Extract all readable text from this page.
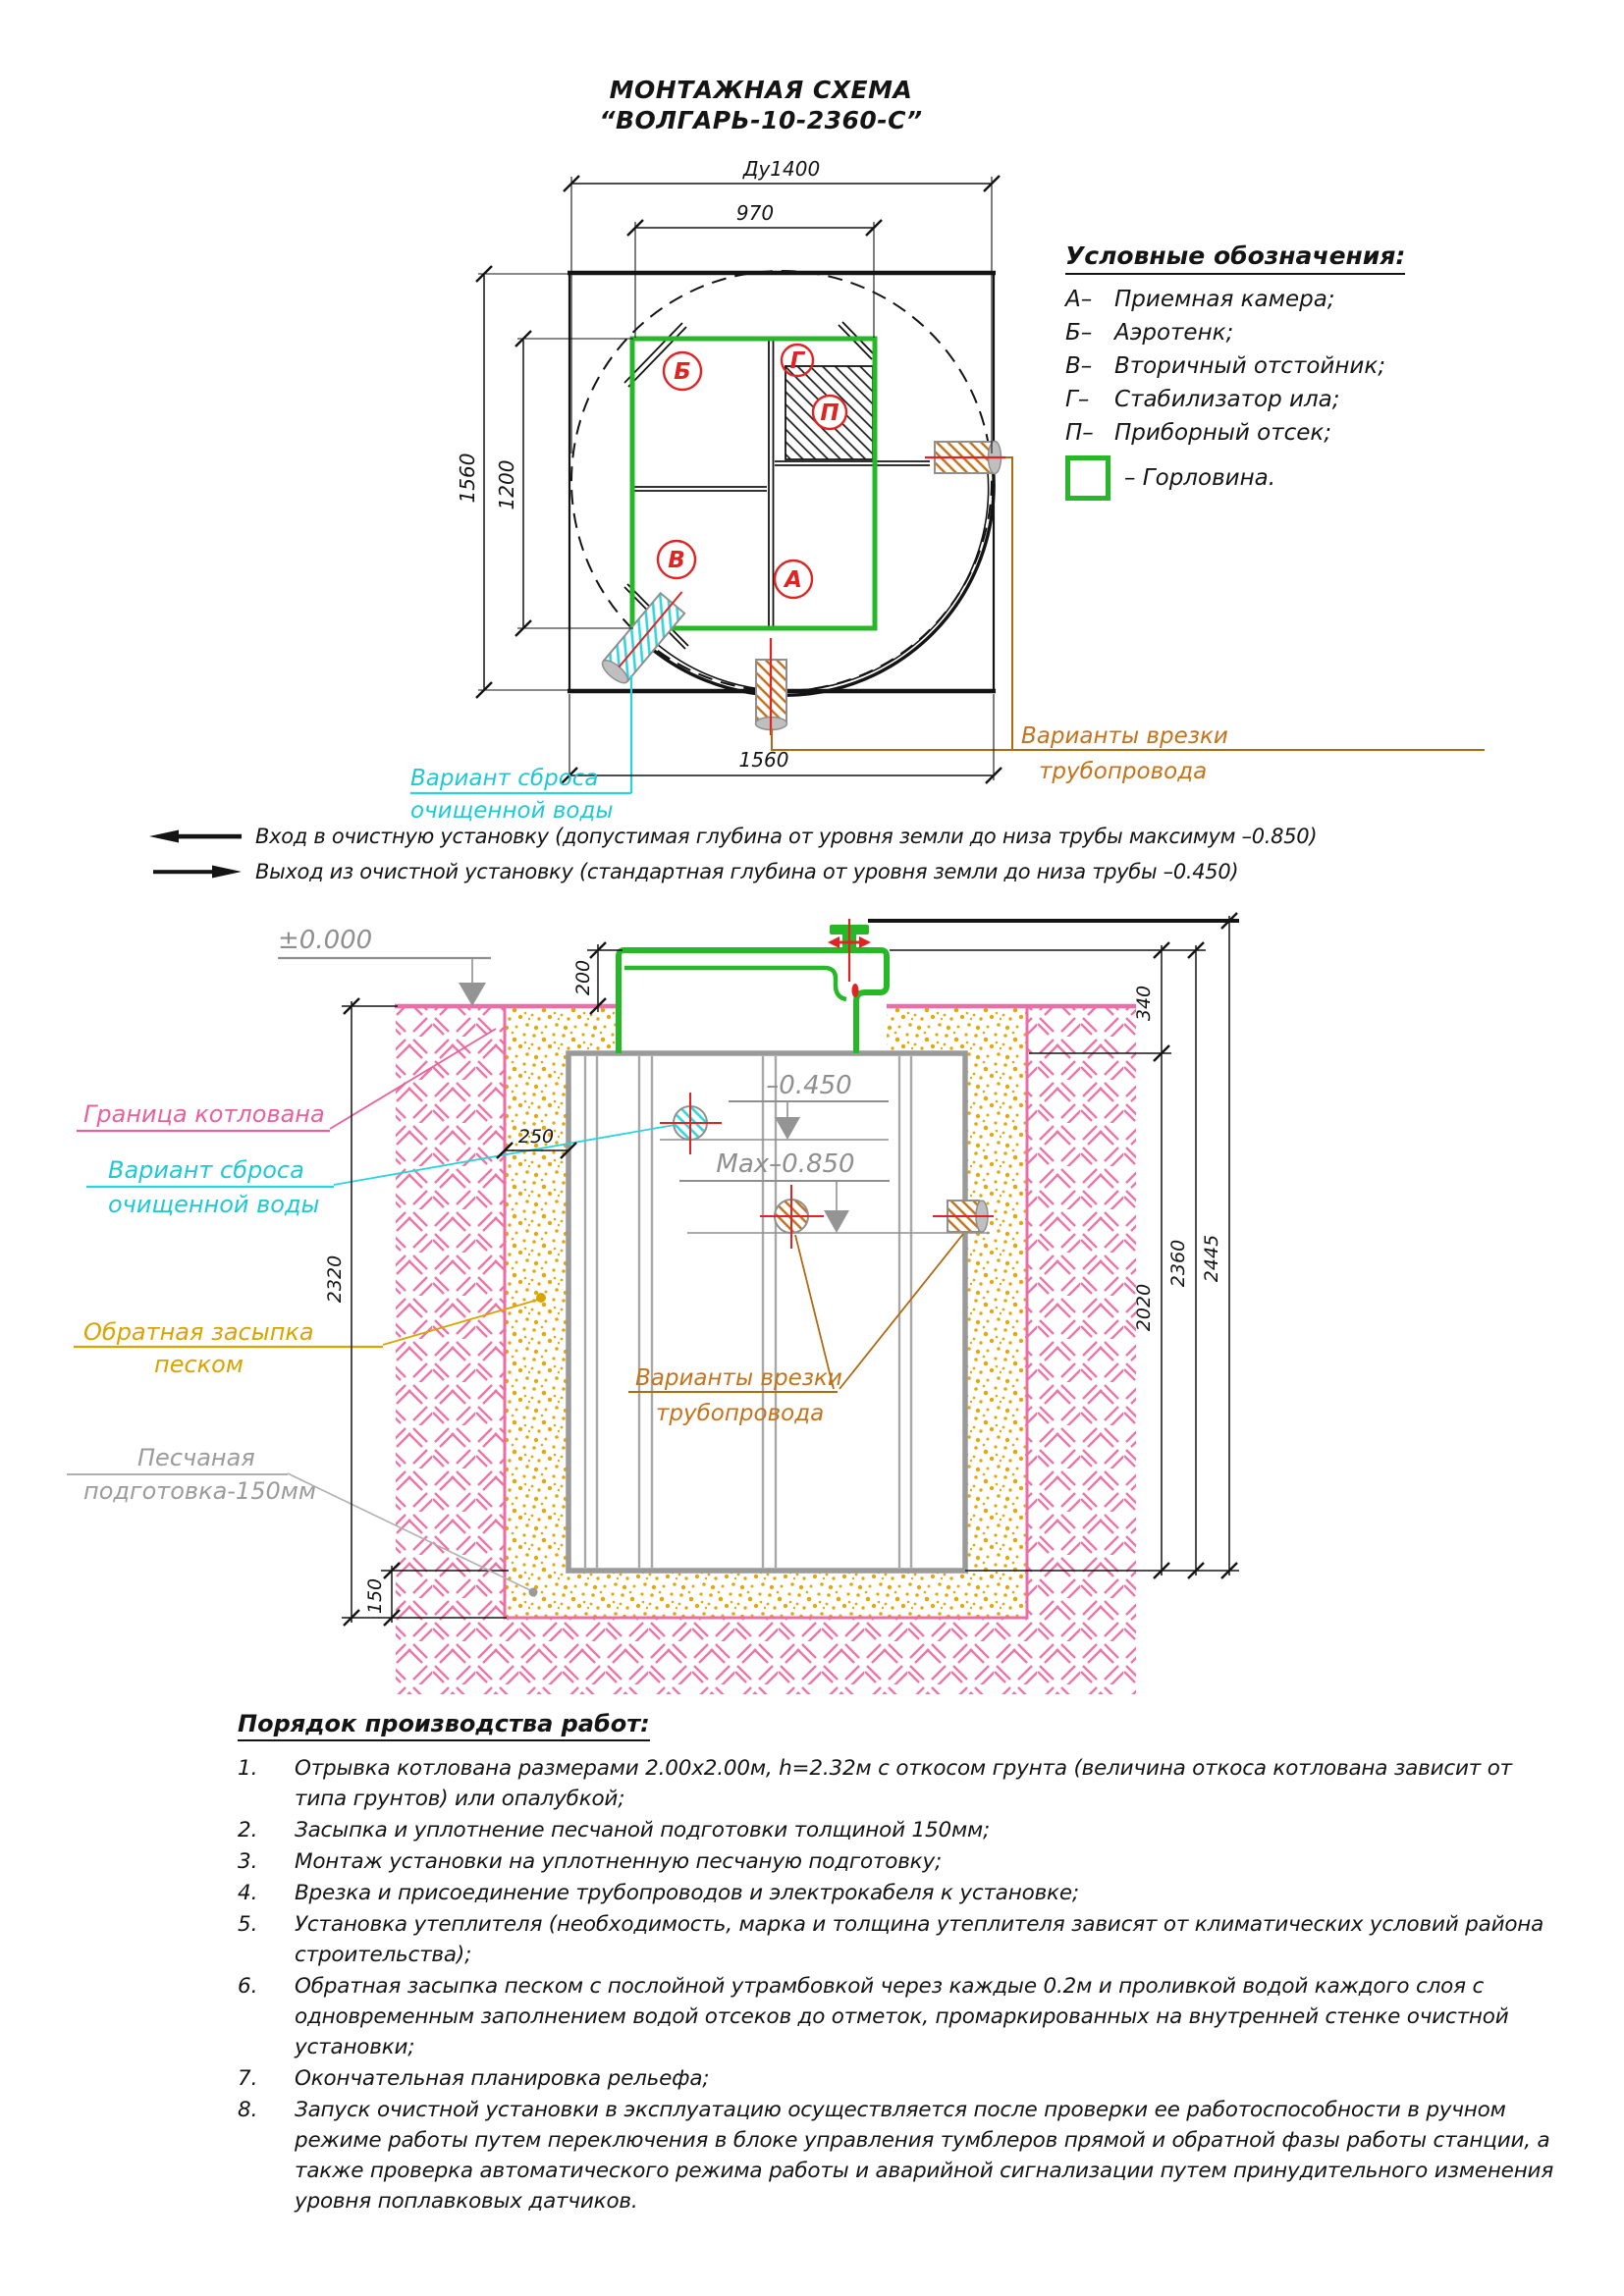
Б	Г
П
В
А
Ду1400
970
1560 1200
1560
Вариант сброса
очищенной воды
Варианты врезки
трубопровода
±0.000
–0.450
Max–0.850
Граница котлована
Вариант сброса
очищенной воды
Обратная засыпка
песком
Песчаная
подготовка-150мм
Варианты врезки
трубопровода
200
250
2320
150
340
2020
2360 2445
МОНТАЖНАЯ СХЕМА
“ВОЛГАРЬ-10-2360-С”
Условные обозначения:
А– Приемная камера;
Б– Аэротенк;
В– Вторичный отстойник;
Г–	Стабилизатор ила;
П– Приборный отсек;
– Горловина.
Вход в очистную установку (допустимая глубина от уровня земли до низа трубы максимум –0.850)
Выход из очистной установку (стандартная глубина от уровня земли до низа трубы –0.450)
Порядок производства работ:
1.	Отрывка котлована размерами 2.00х2.00м, h=2.32м с откосом грунта (величина откоса котлована зависит от типа грунтов) или опалубкой;
2.	Засыпка и уплотнение песчаной подготовки толщиной 150мм;
3.	Монтаж установки на уплотненную песчаную подготовку;
4.	Врезка и присоединение трубопроводов и электрокабеля к установке;
5.	Установка утеплителя (необходимость, марка и толщина утеплителя зависят от климатических условий района строительства);
6.	Обратная засыпка песком с послойной утрамбовкой через каждые 0.2м и проливкой водой каждого слоя с одновременным заполнением водой отсеков до отметок, промаркированных на внутренней стенке очистной установки;
7.	Окончательная планировка рельефа;
8.	Запуск очистной установки в эксплуатацию осуществляется после проверки ее работоспособности в ручном режиме работы путем переключения в блоке управления тумблеров прямой и обратной фазы работы станции, а также проверка автоматического режима работы и аварийной сигнализации путем принудительного изменения уровня поплавковых датчиков.
